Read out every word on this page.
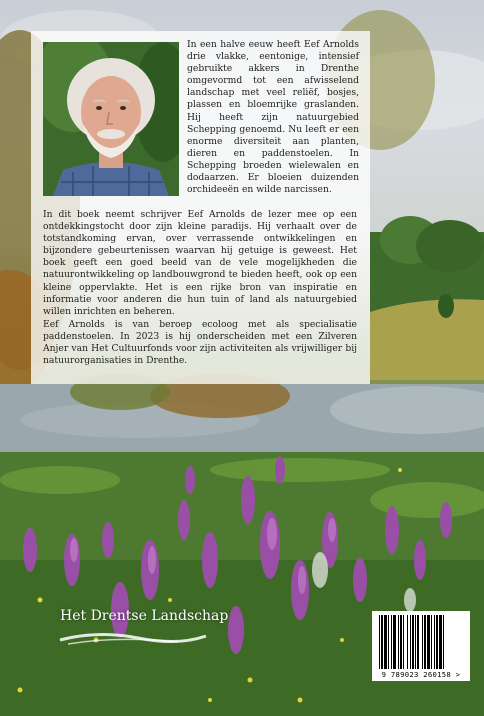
In een halve eeuw heeft Eef Arnolds drie vlakke, eentonige, intensief gebruikte akkers in Drenthe omgevormd tot een afwisselend landschap met veel reliëf, bosjes, plassen en bloemrijke graslanden. Hij heeft zijn natuurgebied Schepping genoemd. Nu leeft er een enorme diversiteit aan planten, dieren en paddenstoelen. In Schepping broeden wielewalen en dodaarzen. Er bloeien duizenden orchideeën en wilde narcissen.

In dit boek neemt schrijver Eef Arnolds de lezer mee op een ontdekkingstocht door zijn kleine paradijs. Hij verhaalt over de totstandkoming ervan, over verrassende ontwikkelingen en bijzondere gebeurtenissen waarvan hij getuige is geweest. Het boek geeft een goed beeld van de vele mogelijkheden die natuurontwikkeling op landbouwgrond te bieden heeft, ook op een kleine oppervlakte. Het is een rijke bron van inspiratie en informatie voor anderen die hun tuin of land als natuurgebied willen inrichten en beheren.

Eef Arnolds is van beroep ecoloog met als specialisatie paddenstoelen. In 2023 is hij onderscheiden met een Zilveren Anjer van Het Cultuurfonds voor zijn activiteiten als vrijwilliger bij natuurorganisaties in Drenthe.

Het Drentse Landschap
9 789023 260158 >
